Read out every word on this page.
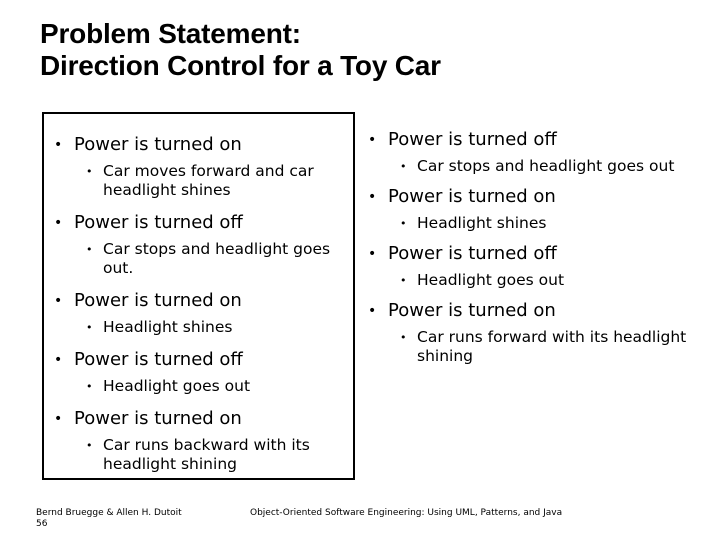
Problem Statement:
Direction Control for a Toy Car
• Power is turned on
• Car moves forward and car headlight shines
• Power is turned off
• Car stops and headlight goes out.
• Power is turned on
• Headlight shines
• Power is turned off
• Headlight goes out
• Power is turned on
• Car runs backward with its headlight shining
• Power is turned off
• Car stops and headlight goes out
• Power is turned on
• Headlight shines
• Power is turned off
• Headlight goes out
• Power is turned on
• Car runs forward with its headlight shining
Bernd Bruegge & Allen H. Dutoit
56
Object-Oriented Software Engineering: Using UML, Patterns, and Java
